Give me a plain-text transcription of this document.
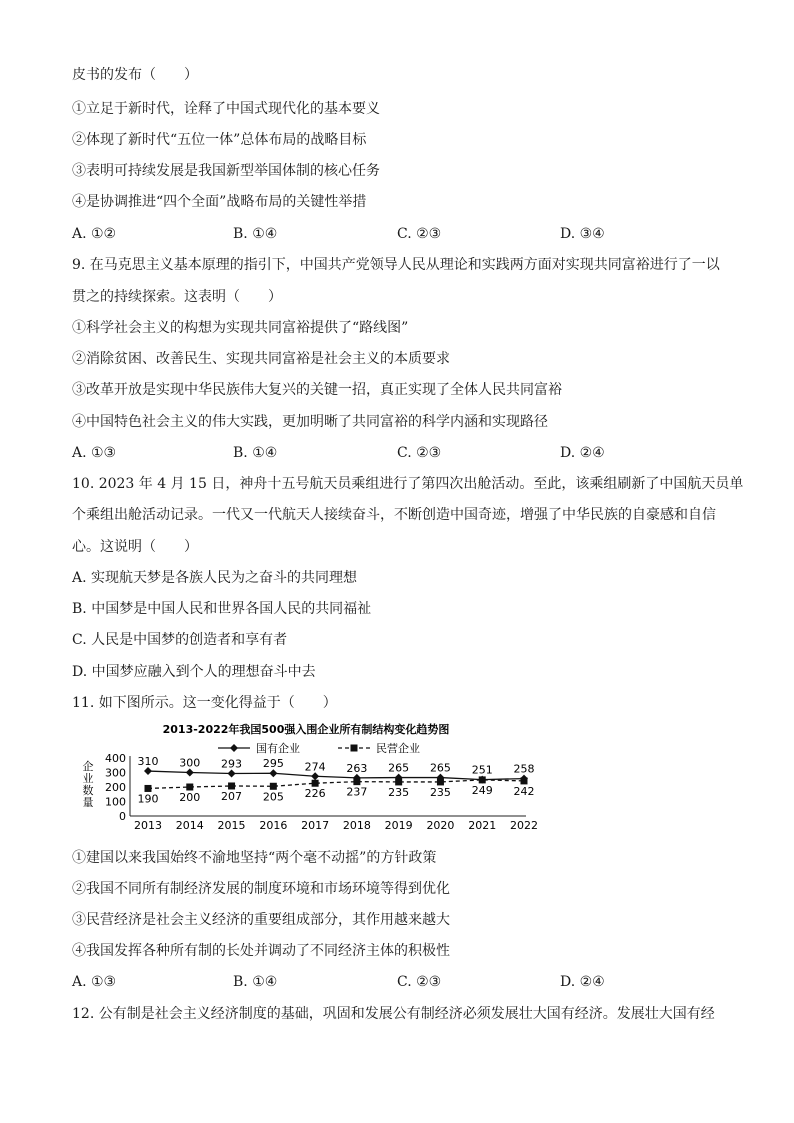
皮书的发布（　　）
①立足于新时代，诠释了中国式现代化的基本要义
②体现了新时代“五位一体”总体布局的战略目标
③表明可持续发展是我国新型举国体制的核心任务
④是协调推进“四个全面”战略布局的关键性举措
A. ①②	B. ①④	C. ②③	D. ③④
9. 在马克思主义基本原理的指引下，中国共产党领导人民从理论和实践两方面对实现共同富裕进行了一以
贯之的持续探索。这表明（　　）
①科学社会主义的构想为实现共同富裕提供了“路线图”
②消除贫困、改善民生、实现共同富裕是社会主义的本质要求
③改革开放是实现中华民族伟大复兴的关键一招，真正实现了全体人民共同富裕
④中国特色社会主义的伟大实践，更加明晰了共同富裕的科学内涵和实现路径
A. ①③	B. ①④	C. ②③	D. ②④
10. 2023 年 4 月 15 日，神舟十五号航天员乘组进行了第四次出舱活动。至此，该乘组刷新了中国航天员单
个乘组出舱活动记录。一代又一代航天人接续奋斗，不断创造中国奇迹，增强了中华民族的自豪感和自信
心。这说明（　　）
A. 实现航天梦是各族人民为之奋斗的共同理想
B. 中国梦是中国人民和世界各国人民的共同福祉
C. 人民是中国梦的创造者和享有者
D. 中国梦应融入到个人的理想奋斗中去
11. 如下图所示。这一变化得益于（　　）
2013-2022年我国500强入围企业所有制结构变化趋势图
国有企业	民营企业
企业数量
400
300
200
100
0
2013 2014 2015 2016 2017 2018 2019 2020 2021 2022
310 300 293 295 274 263 265 265 251 258
190 200 207 205 226 237 235 235 249 242
①建国以来我国始终不渝地坚持“两个毫不动摇”的方针政策
②我国不同所有制经济发展的制度环境和市场环境等得到优化
③民营经济是社会主义经济的重要组成部分，其作用越来越大
④我国发挥各种所有制的长处并调动了不同经济主体的积极性
A. ①③	B. ①④	C. ②③	D. ②④
12. 公有制是社会主义经济制度的基础，巩固和发展公有制经济必须发展壮大国有经济。发展壮大国有经
